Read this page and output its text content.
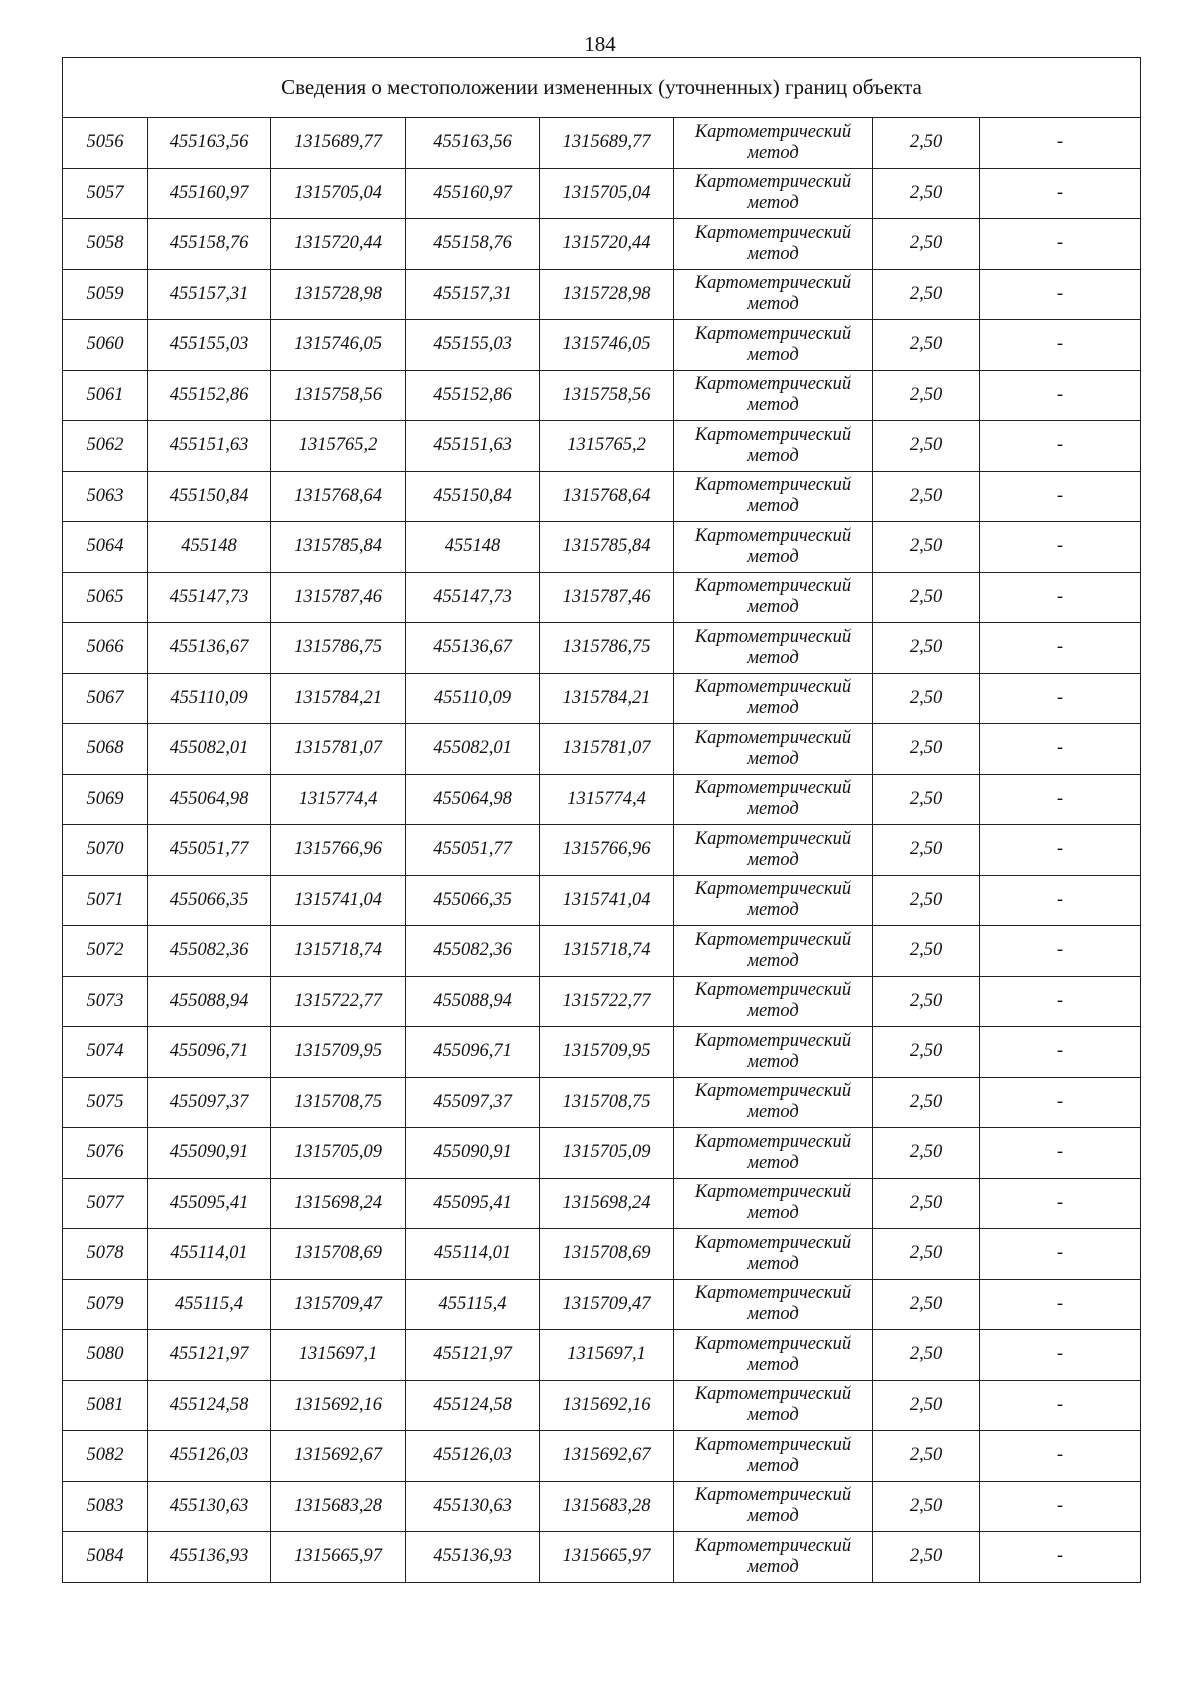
184
Сведения о местоположении измененных (уточненных) границ объекта							
5056	455163,56	1315689,77	455163,56	1315689,77	Картометрический метод	2,50	-
5057	455160,97	1315705,04	455160,97	1315705,04	Картометрический метод	2,50	-
5058	455158,76	1315720,44	455158,76	1315720,44	Картометрический метод	2,50	-
5059	455157,31	1315728,98	455157,31	1315728,98	Картометрический метод	2,50	-
5060	455155,03	1315746,05	455155,03	1315746,05	Картометрический метод	2,50	-
5061	455152,86	1315758,56	455152,86	1315758,56	Картометрический метод	2,50	-
5062	455151,63	1315765,2	455151,63	1315765,2	Картометрический метод	2,50	-
5063	455150,84	1315768,64	455150,84	1315768,64	Картометрический метод	2,50	-
5064	455148	1315785,84	455148	1315785,84	Картометрический метод	2,50	-
5065	455147,73	1315787,46	455147,73	1315787,46	Картометрический метод	2,50	-
5066	455136,67	1315786,75	455136,67	1315786,75	Картометрический метод	2,50	-
5067	455110,09	1315784,21	455110,09	1315784,21	Картометрический метод	2,50	-
5068	455082,01	1315781,07	455082,01	1315781,07	Картометрический метод	2,50	-
5069	455064,98	1315774,4	455064,98	1315774,4	Картометрический метод	2,50	-
5070	455051,77	1315766,96	455051,77	1315766,96	Картометрический метод	2,50	-
5071	455066,35	1315741,04	455066,35	1315741,04	Картометрический метод	2,50	-
5072	455082,36	1315718,74	455082,36	1315718,74	Картометрический метод	2,50	-
5073	455088,94	1315722,77	455088,94	1315722,77	Картометрический метод	2,50	-
5074	455096,71	1315709,95	455096,71	1315709,95	Картометрический метод	2,50	-
5075	455097,37	1315708,75	455097,37	1315708,75	Картометрический метод	2,50	-
5076	455090,91	1315705,09	455090,91	1315705,09	Картометрический метод	2,50	-
5077	455095,41	1315698,24	455095,41	1315698,24	Картометрический метод	2,50	-
5078	455114,01	1315708,69	455114,01	1315708,69	Картометрический метод	2,50	-
5079	455115,4	1315709,47	455115,4	1315709,47	Картометрический метод	2,50	-
5080	455121,97	1315697,1	455121,97	1315697,1	Картометрический метод	2,50	-
5081	455124,58	1315692,16	455124,58	1315692,16	Картометрический метод	2,50	-
5082	455126,03	1315692,67	455126,03	1315692,67	Картометрический метод	2,50	-
5083	455130,63	1315683,28	455130,63	1315683,28	Картометрический метод	2,50	-
5084	455136,93	1315665,97	455136,93	1315665,97	Картометрический метод	2,50	-
